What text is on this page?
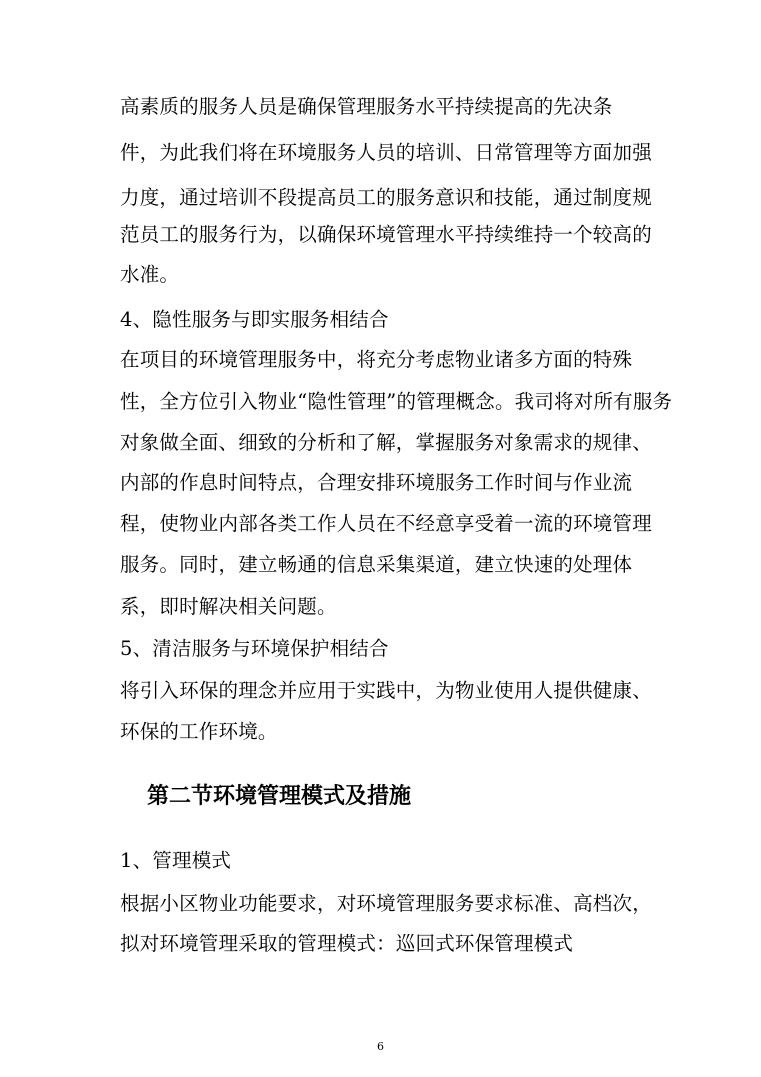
高素质的服务人员是确保管理服务水平持续提高的先决条
件，为此我们将在环境服务人员的培训、日常管理等方面加强
力度，通过培训不段提高员工的服务意识和技能，通过制度规
范员工的服务行为，以确保环境管理水平持续维持一个较高的
水准。
4、隐性服务与即实服务相结合
在项目的环境管理服务中，将充分考虑物业诸多方面的特殊
性，全方位引入物业“隐性管理”的管理概念。我司将对所有服务
对象做全面、细致的分析和了解，掌握服务对象需求的规律、
内部的作息时间特点，合理安排环境服务工作时间与作业流
程，使物业内部各类工作人员在不经意享受着一流的环境管理
服务。同时，建立畅通的信息采集渠道，建立快速的处理体
系，即时解决相关问题。
5、清洁服务与环境保护相结合
将引入环保的理念并应用于实践中，为物业使用人提供健康、
环保的工作环境。
第二节环境管理模式及措施
1、管理模式
根据小区物业功能要求，对环境管理服务要求标准、高档次，
拟对环境管理采取的管理模式：巡回式环保管理模式
6
